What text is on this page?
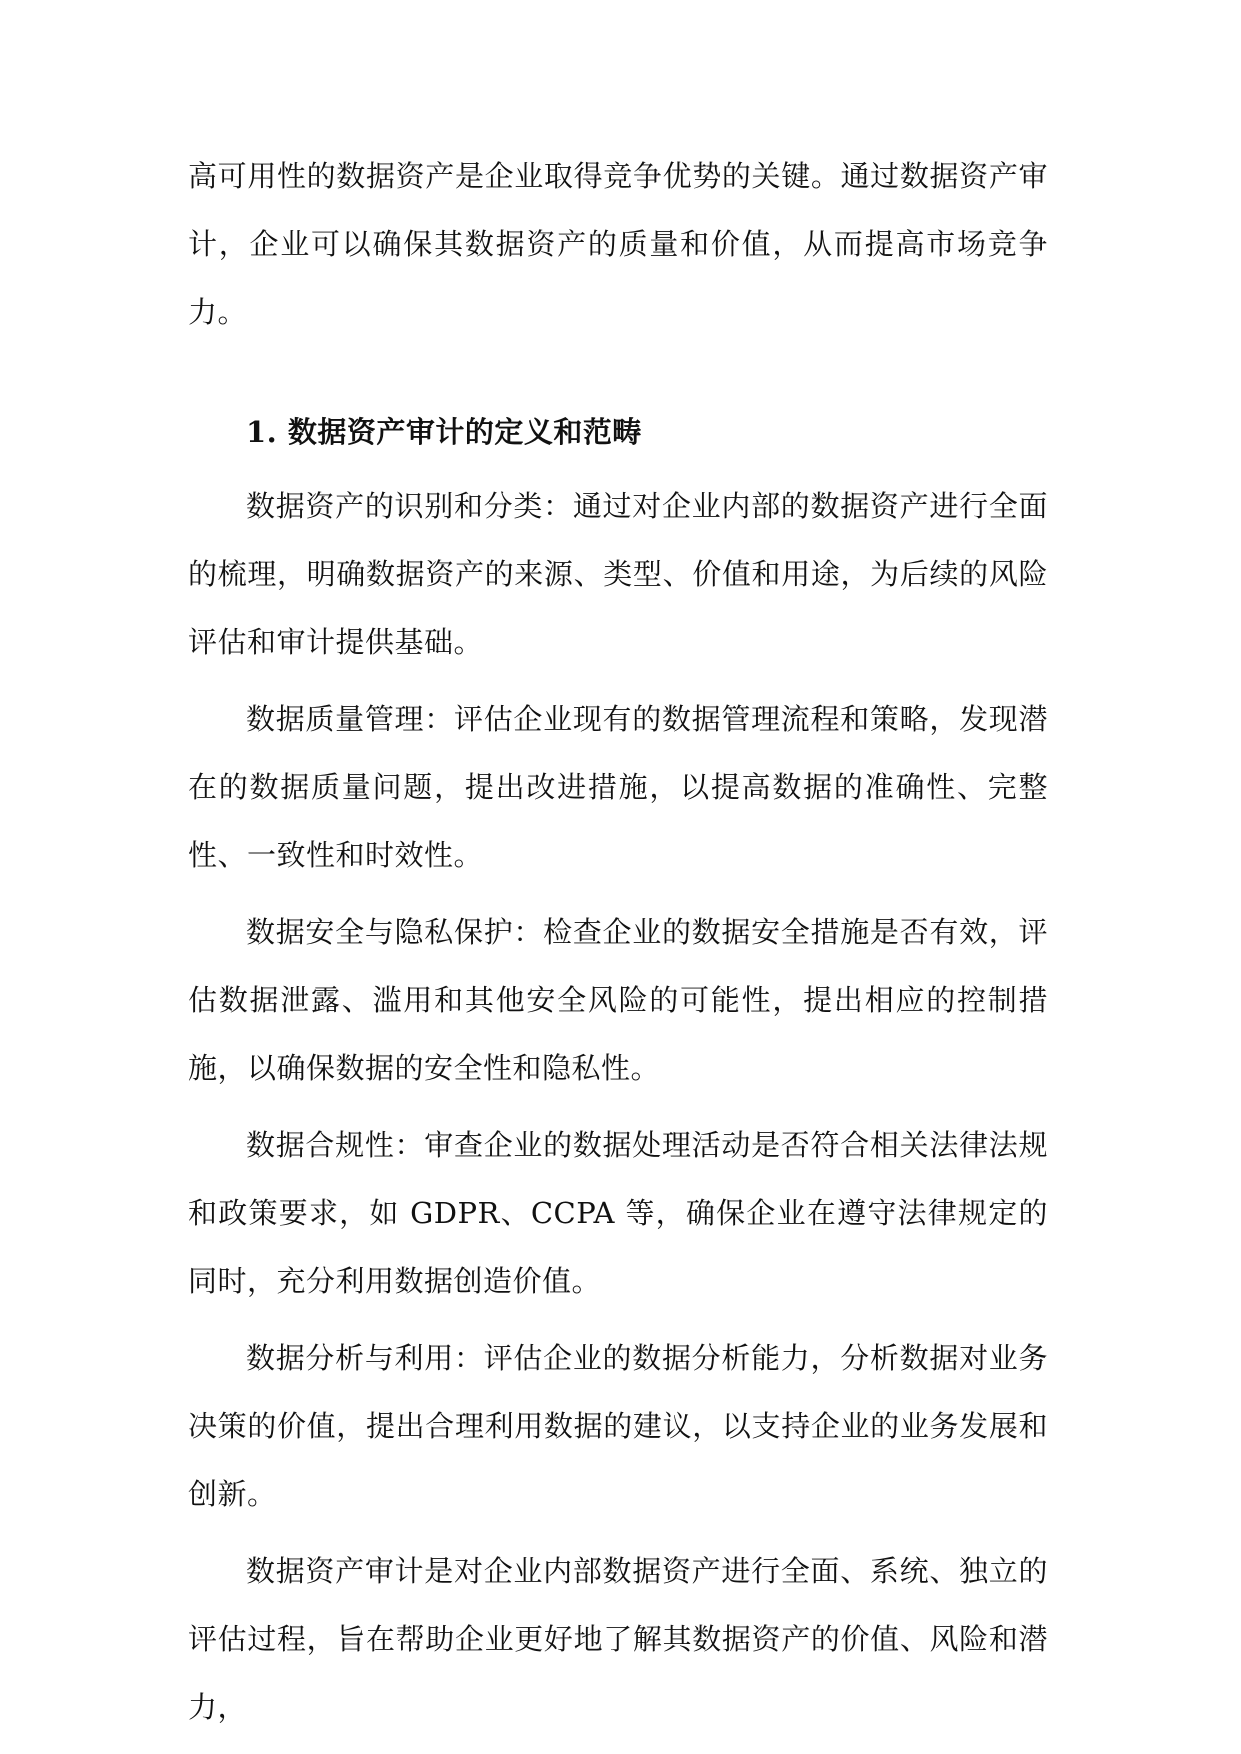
高可用性的数据资产是企业取得竞争优势的关键。通过数据资产审计，企业可以确保其数据资产的质量和价值，从而提高市场竞争力。

1. 数据资产审计的定义和范畴

数据资产的识别和分类：通过对企业内部的数据资产进行全面的梳理，明确数据资产的来源、类型、价值和用途，为后续的风险评估和审计提供基础。

数据质量管理：评估企业现有的数据管理流程和策略，发现潜在的数据质量问题，提出改进措施，以提高数据的准确性、完整性、一致性和时效性。

数据安全与隐私保护：检查企业的数据安全措施是否有效，评估数据泄露、滥用和其他安全风险的可能性，提出相应的控制措施，以确保数据的安全性和隐私性。

数据合规性：审查企业的数据处理活动是否符合相关法律法规和政策要求，如 GDPR、CCPA 等，确保企业在遵守法律规定的同时，充分利用数据创造价值。

数据分析与利用：评估企业的数据分析能力，分析数据对业务决策的价值，提出合理利用数据的建议，以支持企业的业务发展和创新。

数据资产审计是对企业内部数据资产进行全面、系统、独立的评估过程，旨在帮助企业更好地了解其数据资产的价值、风险和潜力，
